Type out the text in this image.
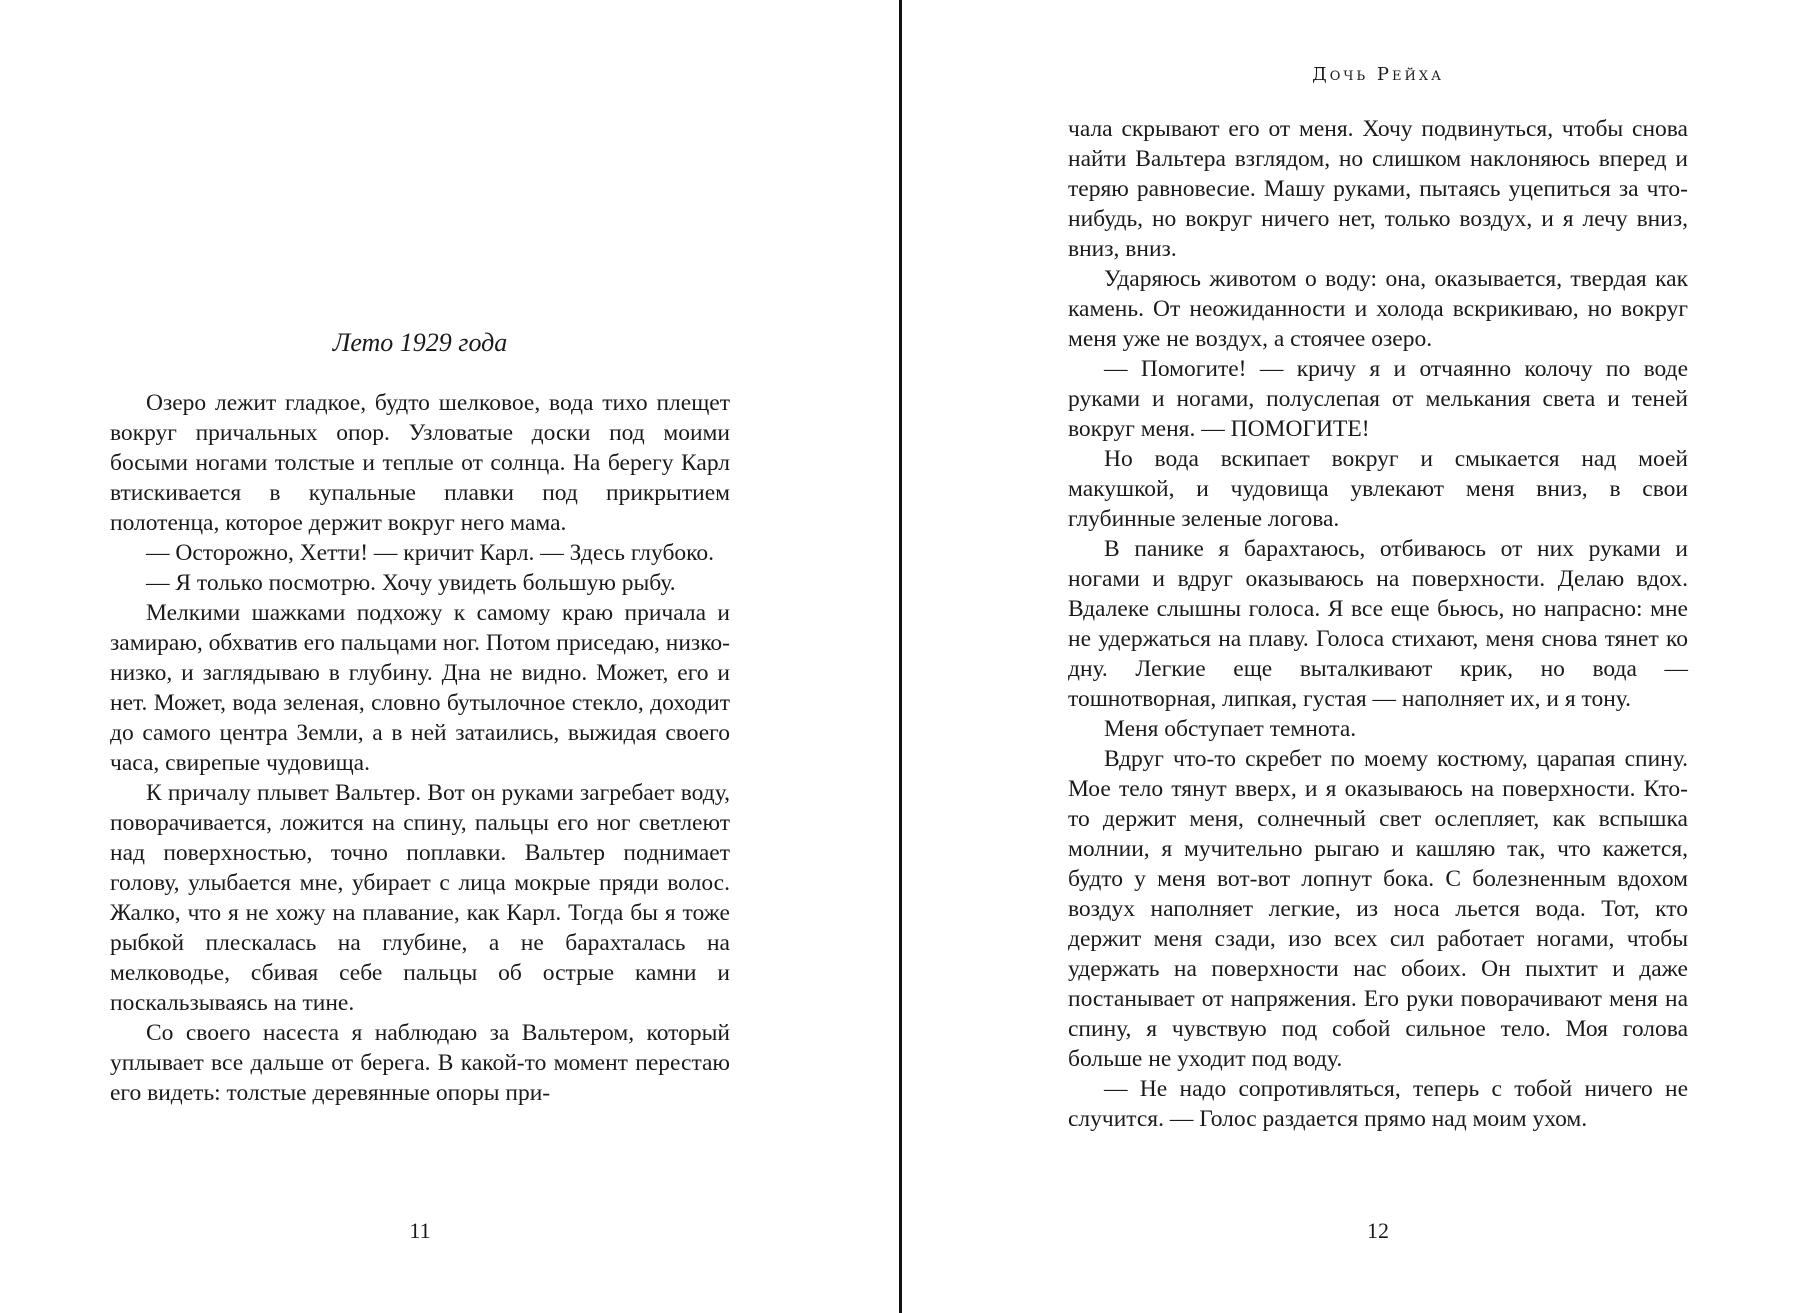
Лето 1929 года

Озеро лежит гладкое, будто шелковое, вода тихо плещет вокруг причальных опор. Узловатые доски под моими босыми ногами толстые и теплые от солнца. На берегу Карл втискивается в купальные плавки под прикрытием полотенца, которое держит вокруг него мама.

— Осторожно, Хетти! — кричит Карл. — Здесь глубоко.

— Я только посмотрю. Хочу увидеть большую рыбу.

Мелкими шажками подхожу к самому краю причала и замираю, обхватив его пальцами ног. Потом приседаю, низко-низко, и заглядываю в глубину. Дна не видно. Может, его и нет. Может, вода зеленая, словно бутылочное стекло, доходит до самого центра Земли, а в ней затаились, выжидая своего часа, свирепые чудовища.

К причалу плывет Вальтер. Вот он руками загребает воду, поворачивается, ложится на спину, пальцы его ног светлеют над поверхностью, точно поплавки. Вальтер поднимает голову, улыбается мне, убирает с лица мокрые пряди волос. Жалко, что я не хожу на плавание, как Карл. Тогда бы я тоже рыбкой плескалась на глубине, а не барахталась на мелководье, сбивая себе пальцы об острые камни и поскальзываясь на тине.

Со своего насеста я наблюдаю за Вальтером, который уплывает все дальше от берега. В какой-то момент перестаю его видеть: толстые деревянные опоры при-

11
Дочь Рейха

чала скрывают его от меня. Хочу подвинуться, чтобы снова найти Вальтера взглядом, но слишком наклоняюсь вперед и теряю равновесие. Машу руками, пытаясь уцепиться за что-нибудь, но вокруг ничего нет, только воздух, и я лечу вниз, вниз, вниз.

Ударяюсь животом о воду: она, оказывается, твердая как камень. От неожиданности и холода вскрикиваю, но вокруг меня уже не воздух, а стоячее озеро.

— Помогите! — кричу я и отчаянно колочу по воде руками и ногами, полуслепая от мелькания света и теней вокруг меня. — ПОМОГИТЕ!

Но вода вскипает вокруг и смыкается над моей макушкой, и чудовища увлекают меня вниз, в свои глубинные зеленые логова.

В панике я барахтаюсь, отбиваюсь от них руками и ногами и вдруг оказываюсь на поверхности. Делаю вдох. Вдалеке слышны голоса. Я все еще бьюсь, но напрасно: мне не удержаться на плаву. Голоса стихают, меня снова тянет ко дну. Легкие еще выталкивают крик, но вода — тошнотворная, липкая, густая — наполняет их, и я тону.

Меня обступает темнота.

Вдруг что-то скребет по моему костюму, царапая спину. Мое тело тянут вверх, и я оказываюсь на поверхности. Кто-то держит меня, солнечный свет ослепляет, как вспышка молнии, я мучительно рыгаю и кашляю так, что кажется, будто у меня вот-вот лопнут бока. С болезненным вдохом воздух наполняет легкие, из носа льется вода. Тот, кто держит меня сзади, изо всех сил работает ногами, чтобы удержать на поверхности нас обоих. Он пыхтит и даже постанывает от напряжения. Его руки поворачивают меня на спину, я чувствую под собой сильное тело. Моя голова больше не уходит под воду.

— Не надо сопротивляться, теперь с тобой ничего не случится. — Голос раздается прямо над моим ухом.

12
